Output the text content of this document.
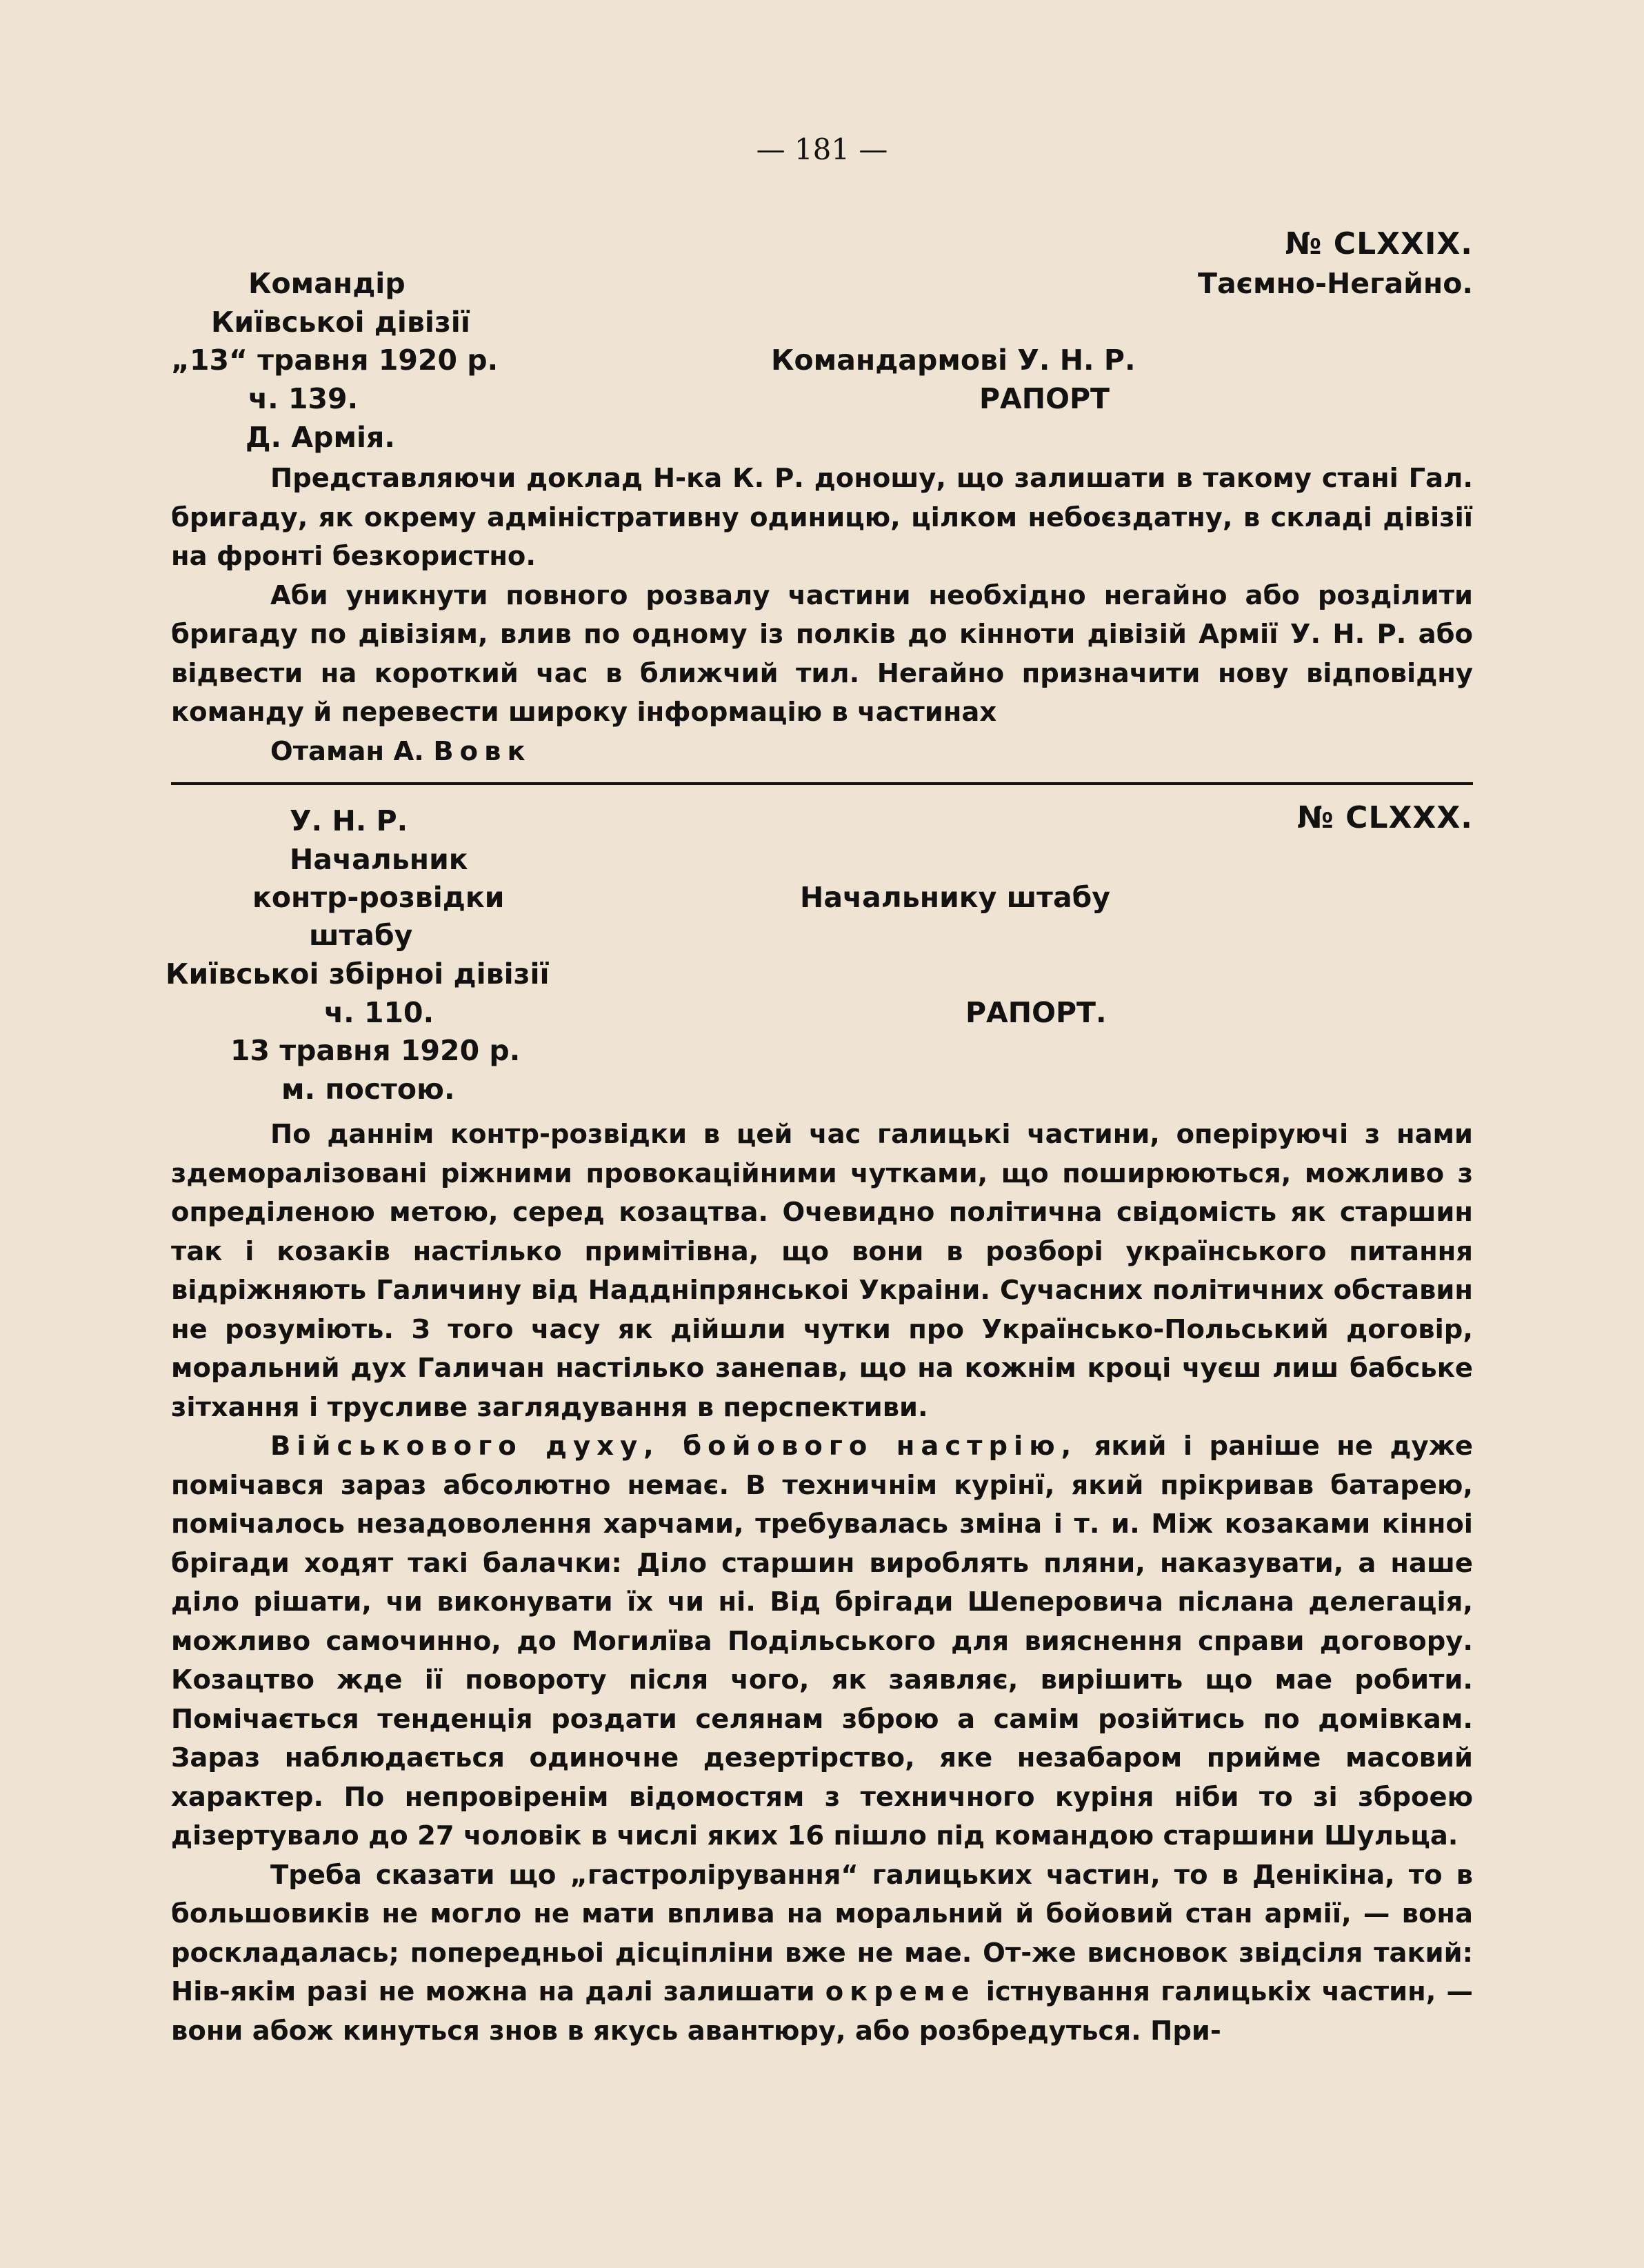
— 181 —
№ CLXXIX.
Таємно-Негайно.
Командір
Київськоі дівізії
„13“ травня 1920 р.
ч. 139.
Д. Армія.
Командармові У. Н. Р.
РАПОРТ

Представляючи доклад Н-ка К. Р. доношу, що залишати в такому стані Гал. бригаду, як окрему адміністративну одиницю, цілком небоєздатну, в складі дівізії на фронті безкористно.

Аби уникнути повного розвалу частини необхідно негайно або розділити бригаду по дівізіям, влив по одному із полків до кінноти дівізій Армії У. Н. Р. або відвести на короткий час в ближчий тил. Негайно призначити нову відповідну команду й перевести широку інформацію в частинах

Отаман А. Вовк

№ CLXXX.
У. Н. Р.
Начальник
контр-розвідки
штабу
Київськоі збірноі дівізії
ч. 110.
13 травня 1920 р.
м. постою.
Начальнику штабу
РАПОРТ.

По даннім контр-розвідки в цей час галицькі частини, оперіруючі з нами здеморалізовані ріжними провокаційними чутками, що поширюються, можливо з опреділеною метою, серед козацтва. Очевидно політична свідомість як старшин так і козаків настілько примітівна, що вони в розборі українського питання відріжняють Галичину від Наддніпрянськоі Украіни. Сучасних політичних обставин не розуміють. З того часу як дійшли чутки про Українсько-Польський договір, моральний дух Галичан настілько занепав, що на кожнім кроці чуєш лиш бабське зітхання і трусливе заглядування в перспективи.

Військового духу, бойового настрію, який і раніше не дуже помічався зараз абсолютно немає. В техничнім курінї, який прікривав батарею, помічалось незадоволення харчами, требувалась зміна і т. и. Між козаками кінноі брігади ходят такі балачки: Діло старшин вироблять пляни, наказувати, а наше діло рішати, чи виконувати їх чи ні. Від брігади Шеперовича післана делегація, можливо самочинно, до Могилїва Подільського для вияснення справи договору. Козацтво жде ії повороту після чого, як заявляє, вирішить що мае робити. Помічається тенденція роздати селянам зброю а самім розійтись по домівкам. Зараз наблюдається одиночне дезертірство, яке незабаром прийме масовий характер. По непровіренім відомостям з техничного куріня ніби то зі зброею дізертувало до 27 чоловік в числі яких 16 пішло під командою старшини Шульца.

Треба сказати що „гастролірування“ галицьких частин, то в Денікіна, то в большовиків не могло не мати вплива на моральний й бойовий стан армії, — вона роскладалась; попередньоі дісціпліни вже не мае. От-же висновок звідсіля такий: Нів-якім разі не можна на далі залишати окреме істнування галицькіх частин, — вони абож кинуться знов в якусь авантюру, або розбредуться. При-
